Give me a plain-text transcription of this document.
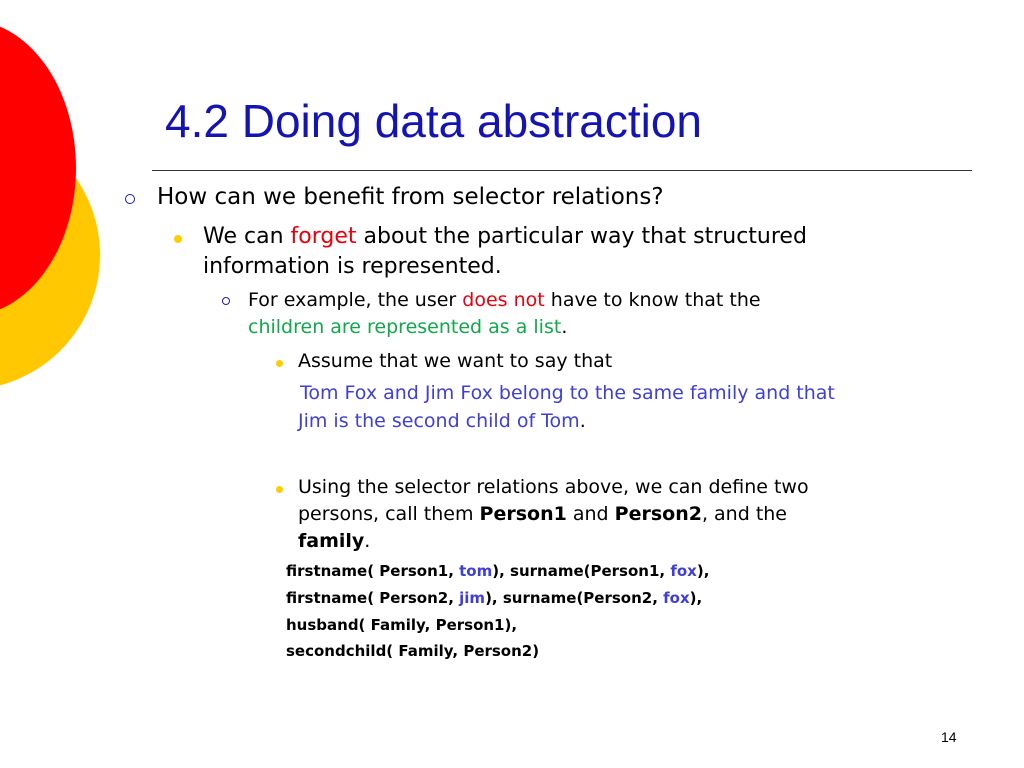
4.2 Doing data abstraction
How can we benefit from selector relations?
We can forget about the particular way that structured
information is represented.
For example, the user does not have to know that the
children are represented as a list.
Assume that we want to say that
Tom Fox and Jim Fox belong to the same family and that
Jim is the second child of Tom.
Using the selector relations above, we can define two
persons, call them Person1 and Person2, and the
family.
firstname( Person1, tom), surname(Person1, fox),
firstname( Person2, jim), surname(Person2, fox),
husband( Family, Person1),
secondchild( Family, Person2)
14
